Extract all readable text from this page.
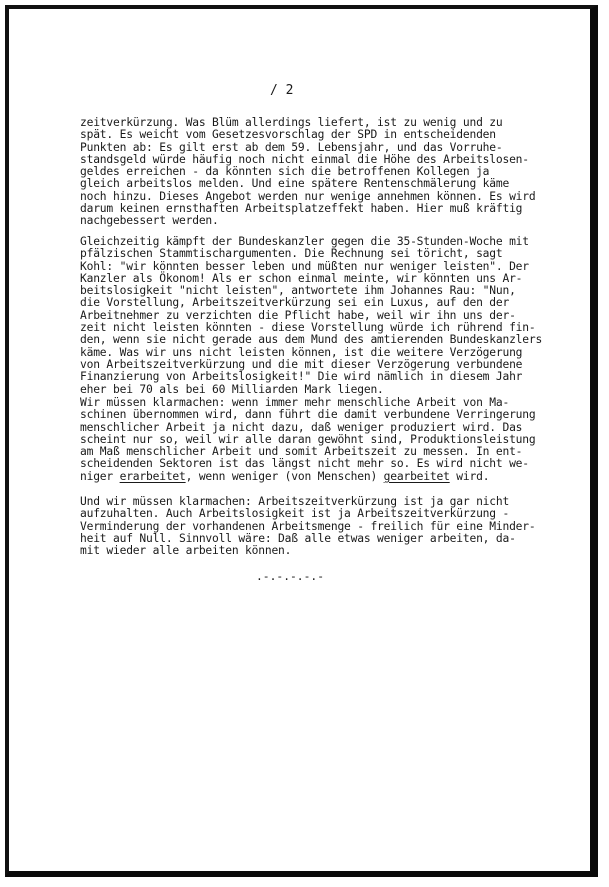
/ 2
zeitverkürzung. Was Blüm allerdings liefert, ist zu wenig und zu
spät. Es weicht vom Gesetzesvorschlag der SPD in entscheidenden
Punkten ab: Es gilt erst ab dem 59. Lebensjahr, und das Vorruhe-
standsgeld würde häufig noch nicht einmal die Höhe des Arbeitslosen-
geldes erreichen - da könnten sich die betroffenen Kollegen ja
gleich arbeitslos melden. Und eine spätere Rentenschmälerung käme
noch hinzu. Dieses Angebot werden nur wenige annehmen können. Es wird
darum keinen ernsthaften Arbeitsplatzeffekt haben. Hier muß kräftig
nachgebessert werden.
Gleichzeitig kämpft der Bundeskanzler gegen die 35-Stunden-Woche mit
pfälzischen Stammtischargumenten. Die Rechnung sei töricht, sagt
Kohl: "wir könnten besser leben und müßten nur weniger leisten". Der
Kanzler als Ökonom! Als er schon einmal meinte, wir könnten uns Ar-
beitslosigkeit "nicht leisten", antwortete ihm Johannes Rau: "Nun,
die Vorstellung, Arbeitszeitverkürzung sei ein Luxus, auf den der
Arbeitnehmer zu verzichten die Pflicht habe, weil wir ihn uns der-
zeit nicht leisten könnten - diese Vorstellung würde ich rührend fin-
den, wenn sie nicht gerade aus dem Mund des amtierenden Bundeskanzlers
käme. Was wir uns nicht leisten können, ist die weitere Verzögerung
von Arbeitszeitverkürzung und die mit dieser Verzögerung verbundene
Finanzierung von Arbeitslosigkeit!" Die wird nämlich in diesem Jahr
eher bei 70 als bei 60 Milliarden Mark liegen.
Wir müssen klarmachen: wenn immer mehr menschliche Arbeit von Ma-
schinen übernommen wird, dann führt die damit verbundene Verringerung
menschlicher Arbeit ja nicht dazu, daß weniger produziert wird. Das
scheint nur so, weil wir alle daran gewöhnt sind, Produktionsleistung
am Maß menschlicher Arbeit und somit Arbeitszeit zu messen. In ent-
scheidenden Sektoren ist das längst nicht mehr so. Es wird nicht we-
niger erarbeitet, wenn weniger (von Menschen) gearbeitet wird.
Und wir müssen klarmachen: Arbeitszeitverkürzung ist ja gar nicht
aufzuhalten. Auch Arbeitslosigkeit ist ja Arbeitszeitverkürzung -
Verminderung der vorhandenen Arbeitsmenge - freilich für eine Minder-
heit auf Null. Sinnvoll wäre: Daß alle etwas weniger arbeiten, da-
mit wieder alle arbeiten können.
.-.-.-.-.-
